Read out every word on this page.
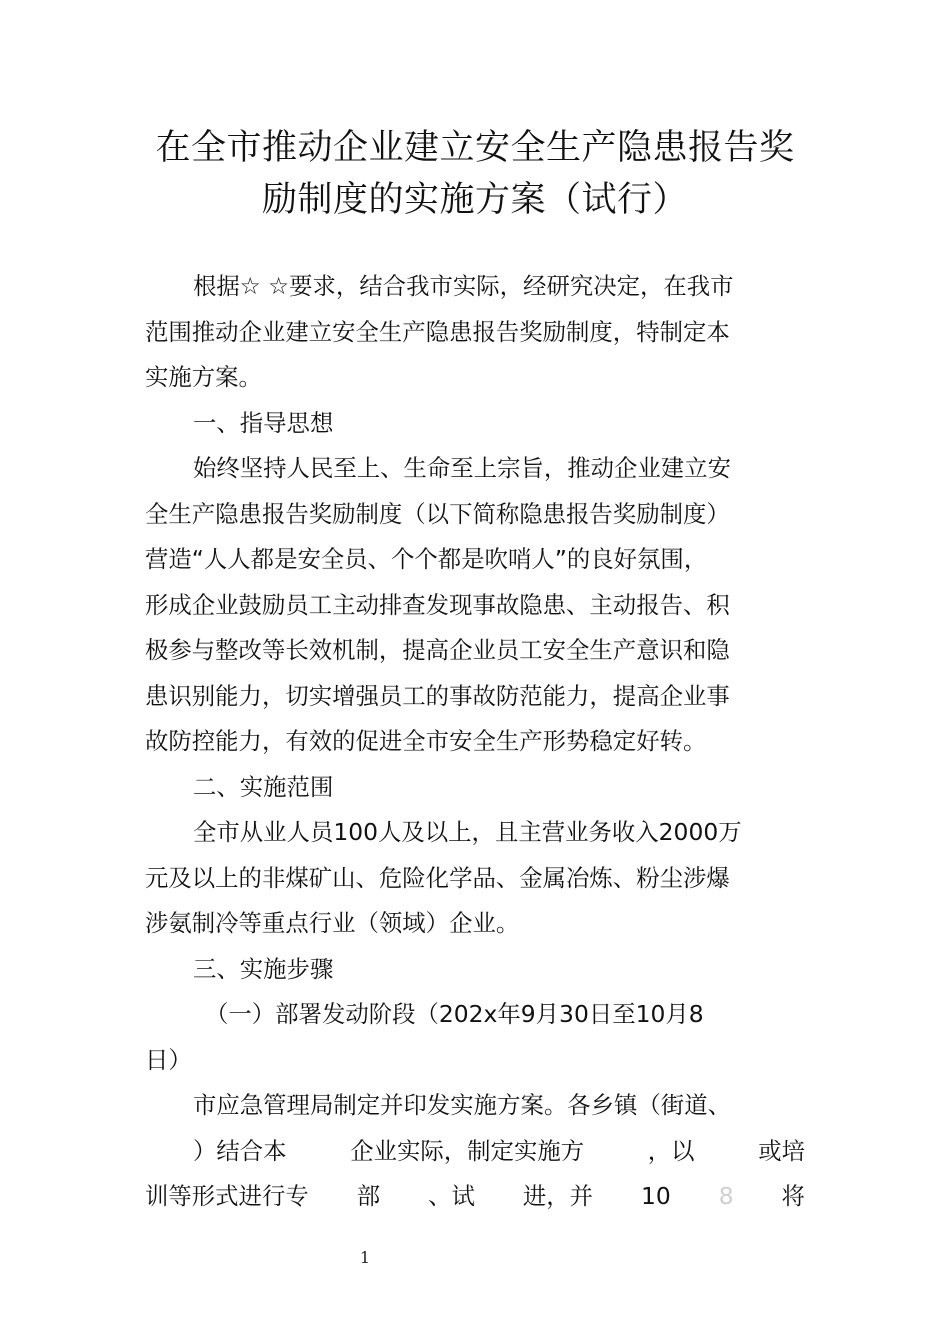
在全市推动企业建立安全生产隐患报告奖
励制度的实施方案（试行）
根据☆ ☆要求，结合我市实际，经研究决定，在我市
范围推动企业建立安全生产隐患报告奖励制度，特制定本
实施方案。
一、指导思想
始终坚持人民至上、生命至上宗旨，推动企业建立安
全生产隐患报告奖励制度（以下简称隐患报告奖励制度）
营造“人人都是安全员、个个都是吹哨人”的良好氛围，
形成企业鼓励员工主动排查发现事故隐患、主动报告、积
极参与整改等长效机制，提高企业员工安全生产意识和隐
患识别能力，切实增强员工的事故防范能力，提高企业事
故防控能力，有效的促进全市安全生产形势稳定好转。
二、实施范围
全市从业人员100人及以上，且主营业务收入2000万
元及以上的非煤矿山、危险化学品、金属冶炼、粉尘涉爆
涉氨制冷等重点行业（领域）企业。
三、实施步骤
（一）部署发动阶段（202x年9月30日至10月8
日）
市应急管理局制定并印发实施方案。各乡镇（街道、
）结合本	企业实际，制定实施方	，以	或培
训等形式进行专 部 、试 进，并 10 8 将
1
